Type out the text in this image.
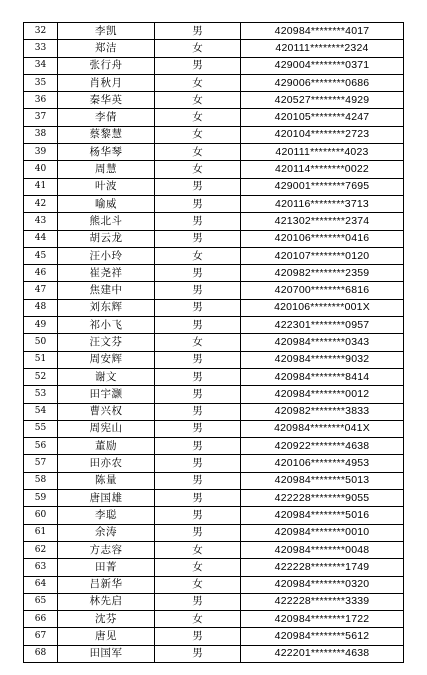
32	李凯	男	420984********4017
33	郑洁	女	420111********2324
34	张行舟	男	429004********0371
35	肖秋月	女	429006********0686
36	秦华英	女	420527********4929
37	李倩	女	420105********4247
38	蔡黎慧	女	420104********2723
39	杨华琴	女	420111********4023
40	周慧	女	420114********0022
41	叶波	男	429001********7695
42	喻威	男	420116********3713
43	熊北斗	男	421302********2374
44	胡云龙	男	420106********0416
45	汪小玲	女	420107********0120
46	崔尧祥	男	420982********2359
47	焦建中	男	420700********6816
48	刘东辉	男	420106********001X
49	祁小飞	男	422301********0957
50	汪文芬	女	420984********0343
51	周安辉	男	420984********9032
52	谢文	男	420984********8414
53	田宇灏	男	420984********0012
54	曹兴权	男	420982********3833
55	周宪山	男	420984********041X
56	董励	男	420922********4638
57	田亦农	男	420106********4953
58	陈量	男	420984********5013
59	唐国雄	男	422228********9055
60	李聪	男	420984********5016
61	余涛	男	420984********0010
62	方志容	女	420984********0048
63	田菁	女	422228********1749
64	吕新华	女	420984********0320
65	林先启	男	422228********3339
66	沈芬	女	420984********1722
67	唐见	男	420984********5612
68	田国军	男	422201********4638
